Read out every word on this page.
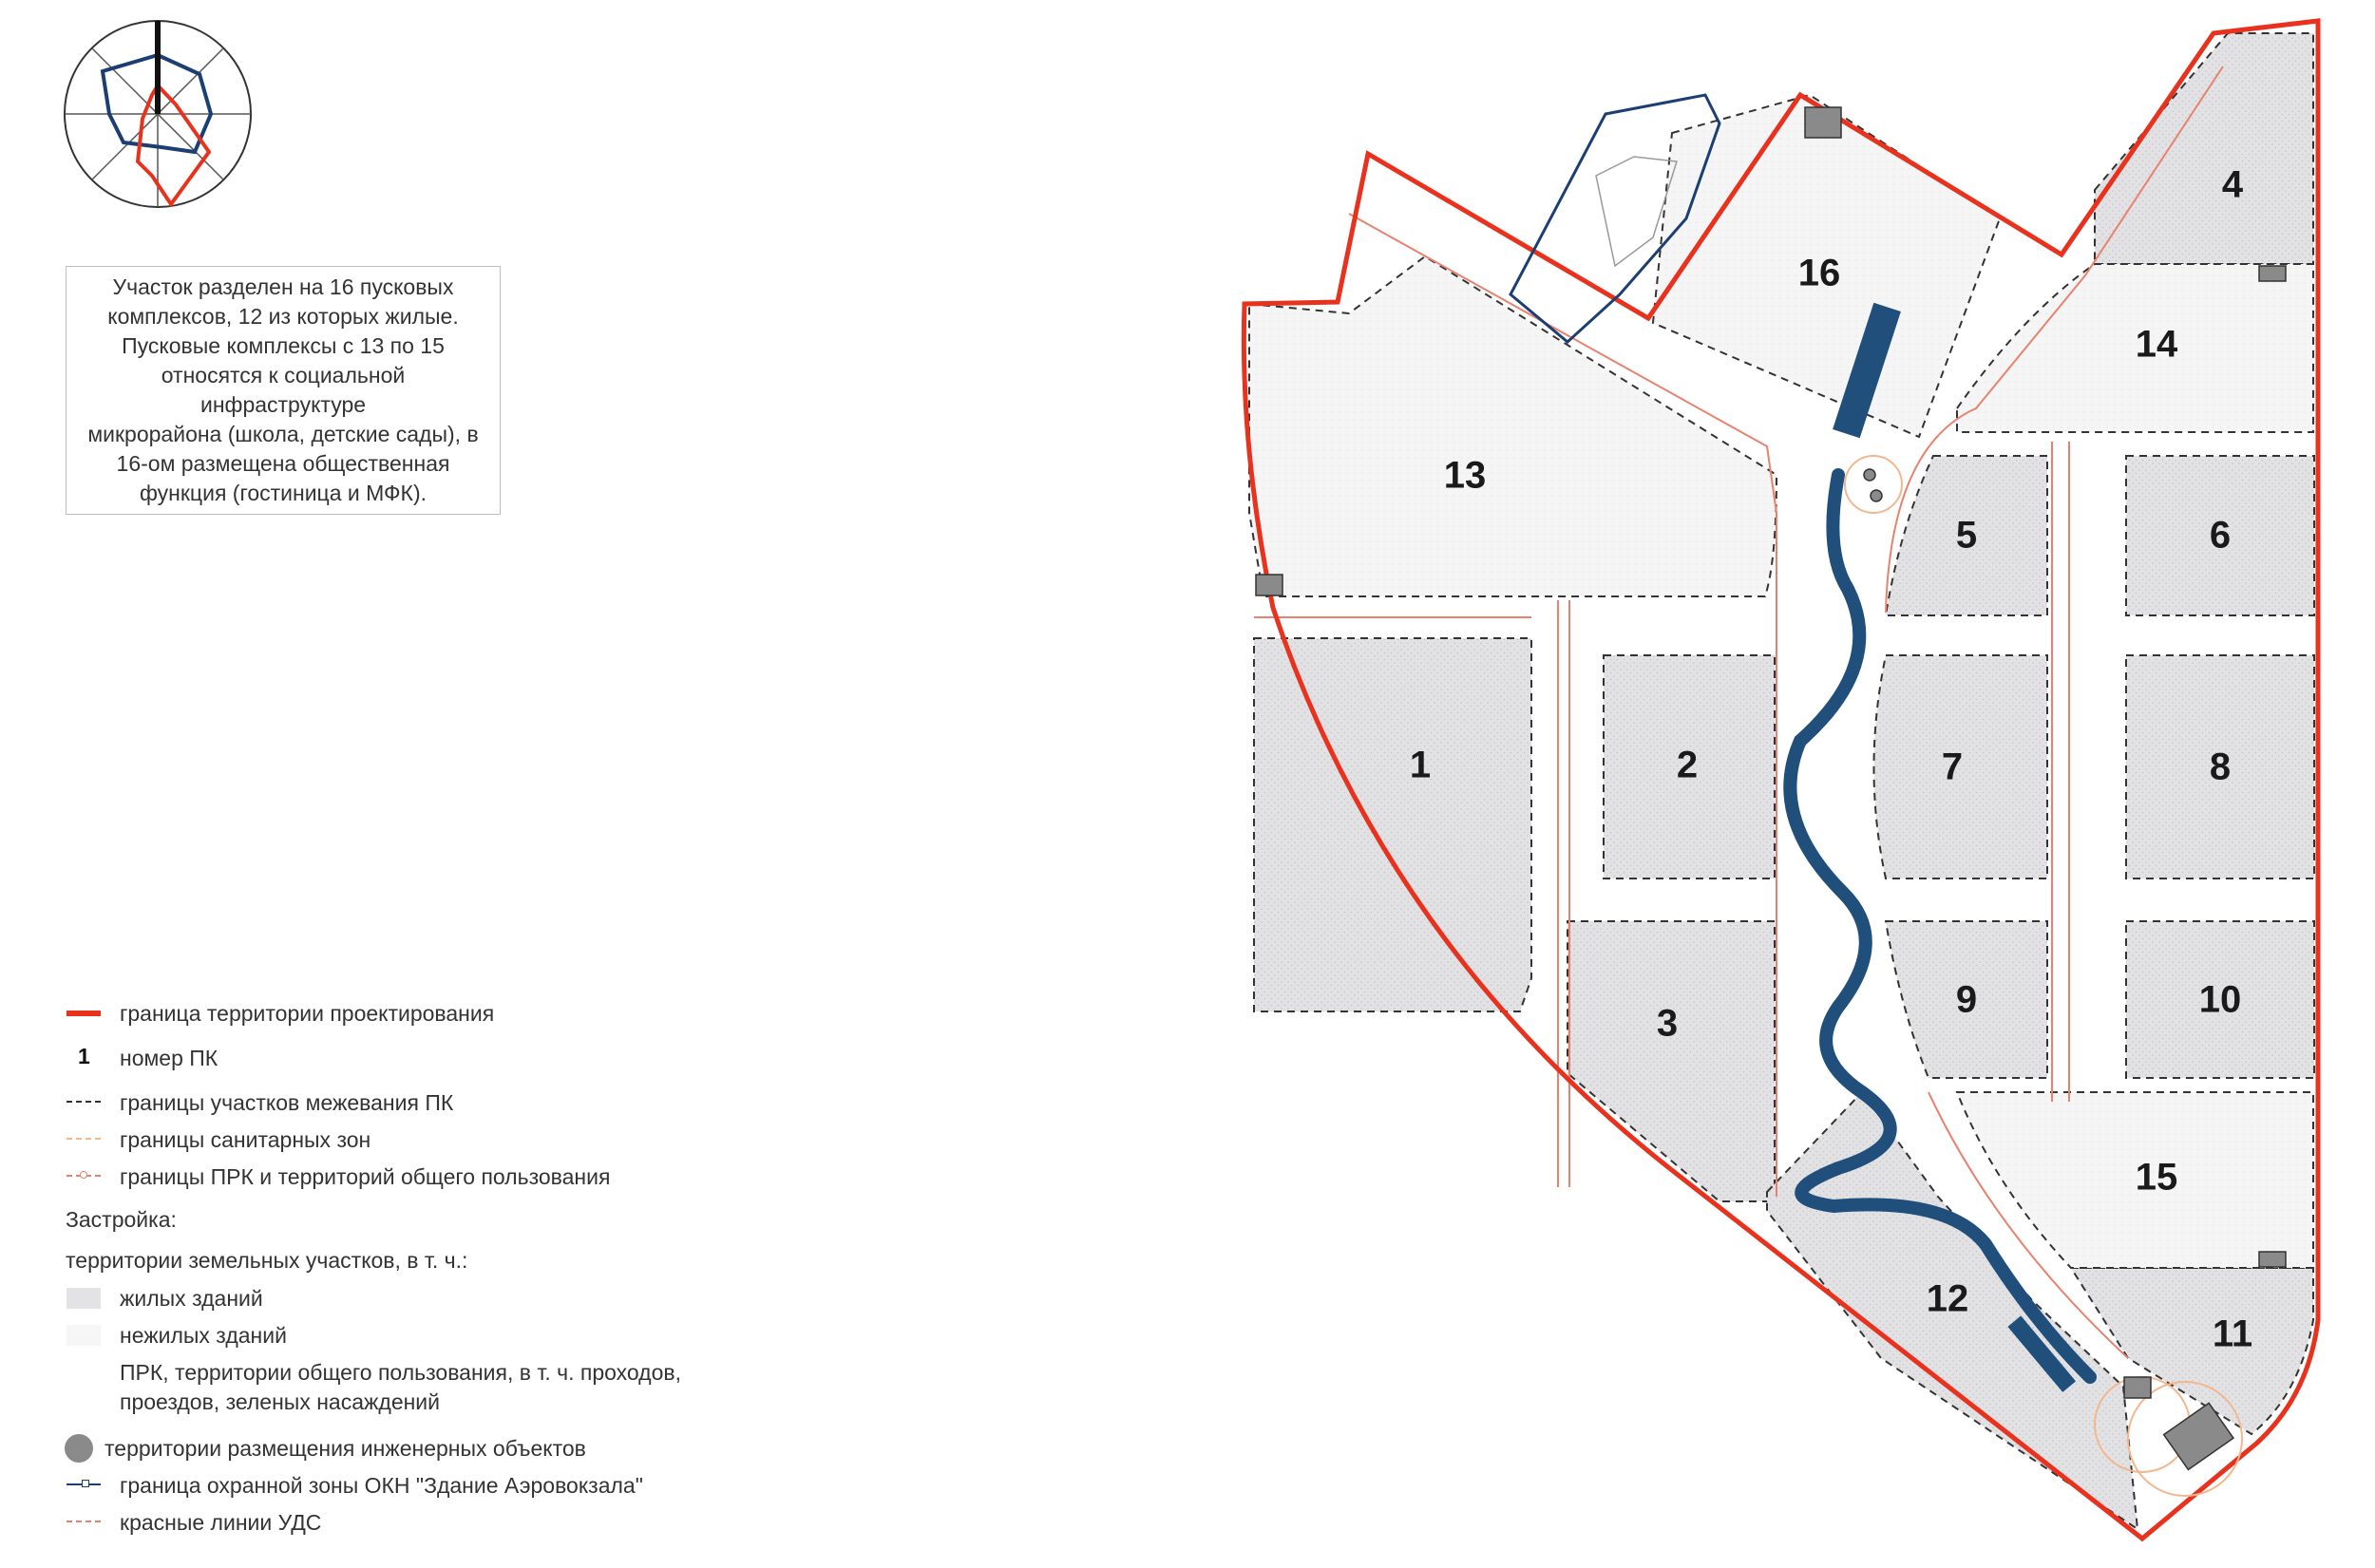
1	2
3
4
5	6
7	8
9	10
11
12
13
14
15
16
Участок разделен на 16 пусковых
комплексов, 12 из которых жилые.
Пусковые комплексы с 13 по 15
относятся к социальной инфраструктуре
микрорайона (школа, детские сады), в
16-ом размещена общественная
функция (гостиница и МФК).
граница территории проектирования
1 номер ПК
границы участков межевания ПК
границы санитарных зон
границы ПРК и территорий общего пользования
Застройка:
территории земельных участков, в т. ч.:
жилых зданий
нежилых зданий
ПРК, территории общего пользования, в т. ч. проходов,
проездов, зеленых насаждений
территории размещения инженерных объектов
граница охранной зоны ОКН "Здание Аэровокзала"
красные линии УДС
